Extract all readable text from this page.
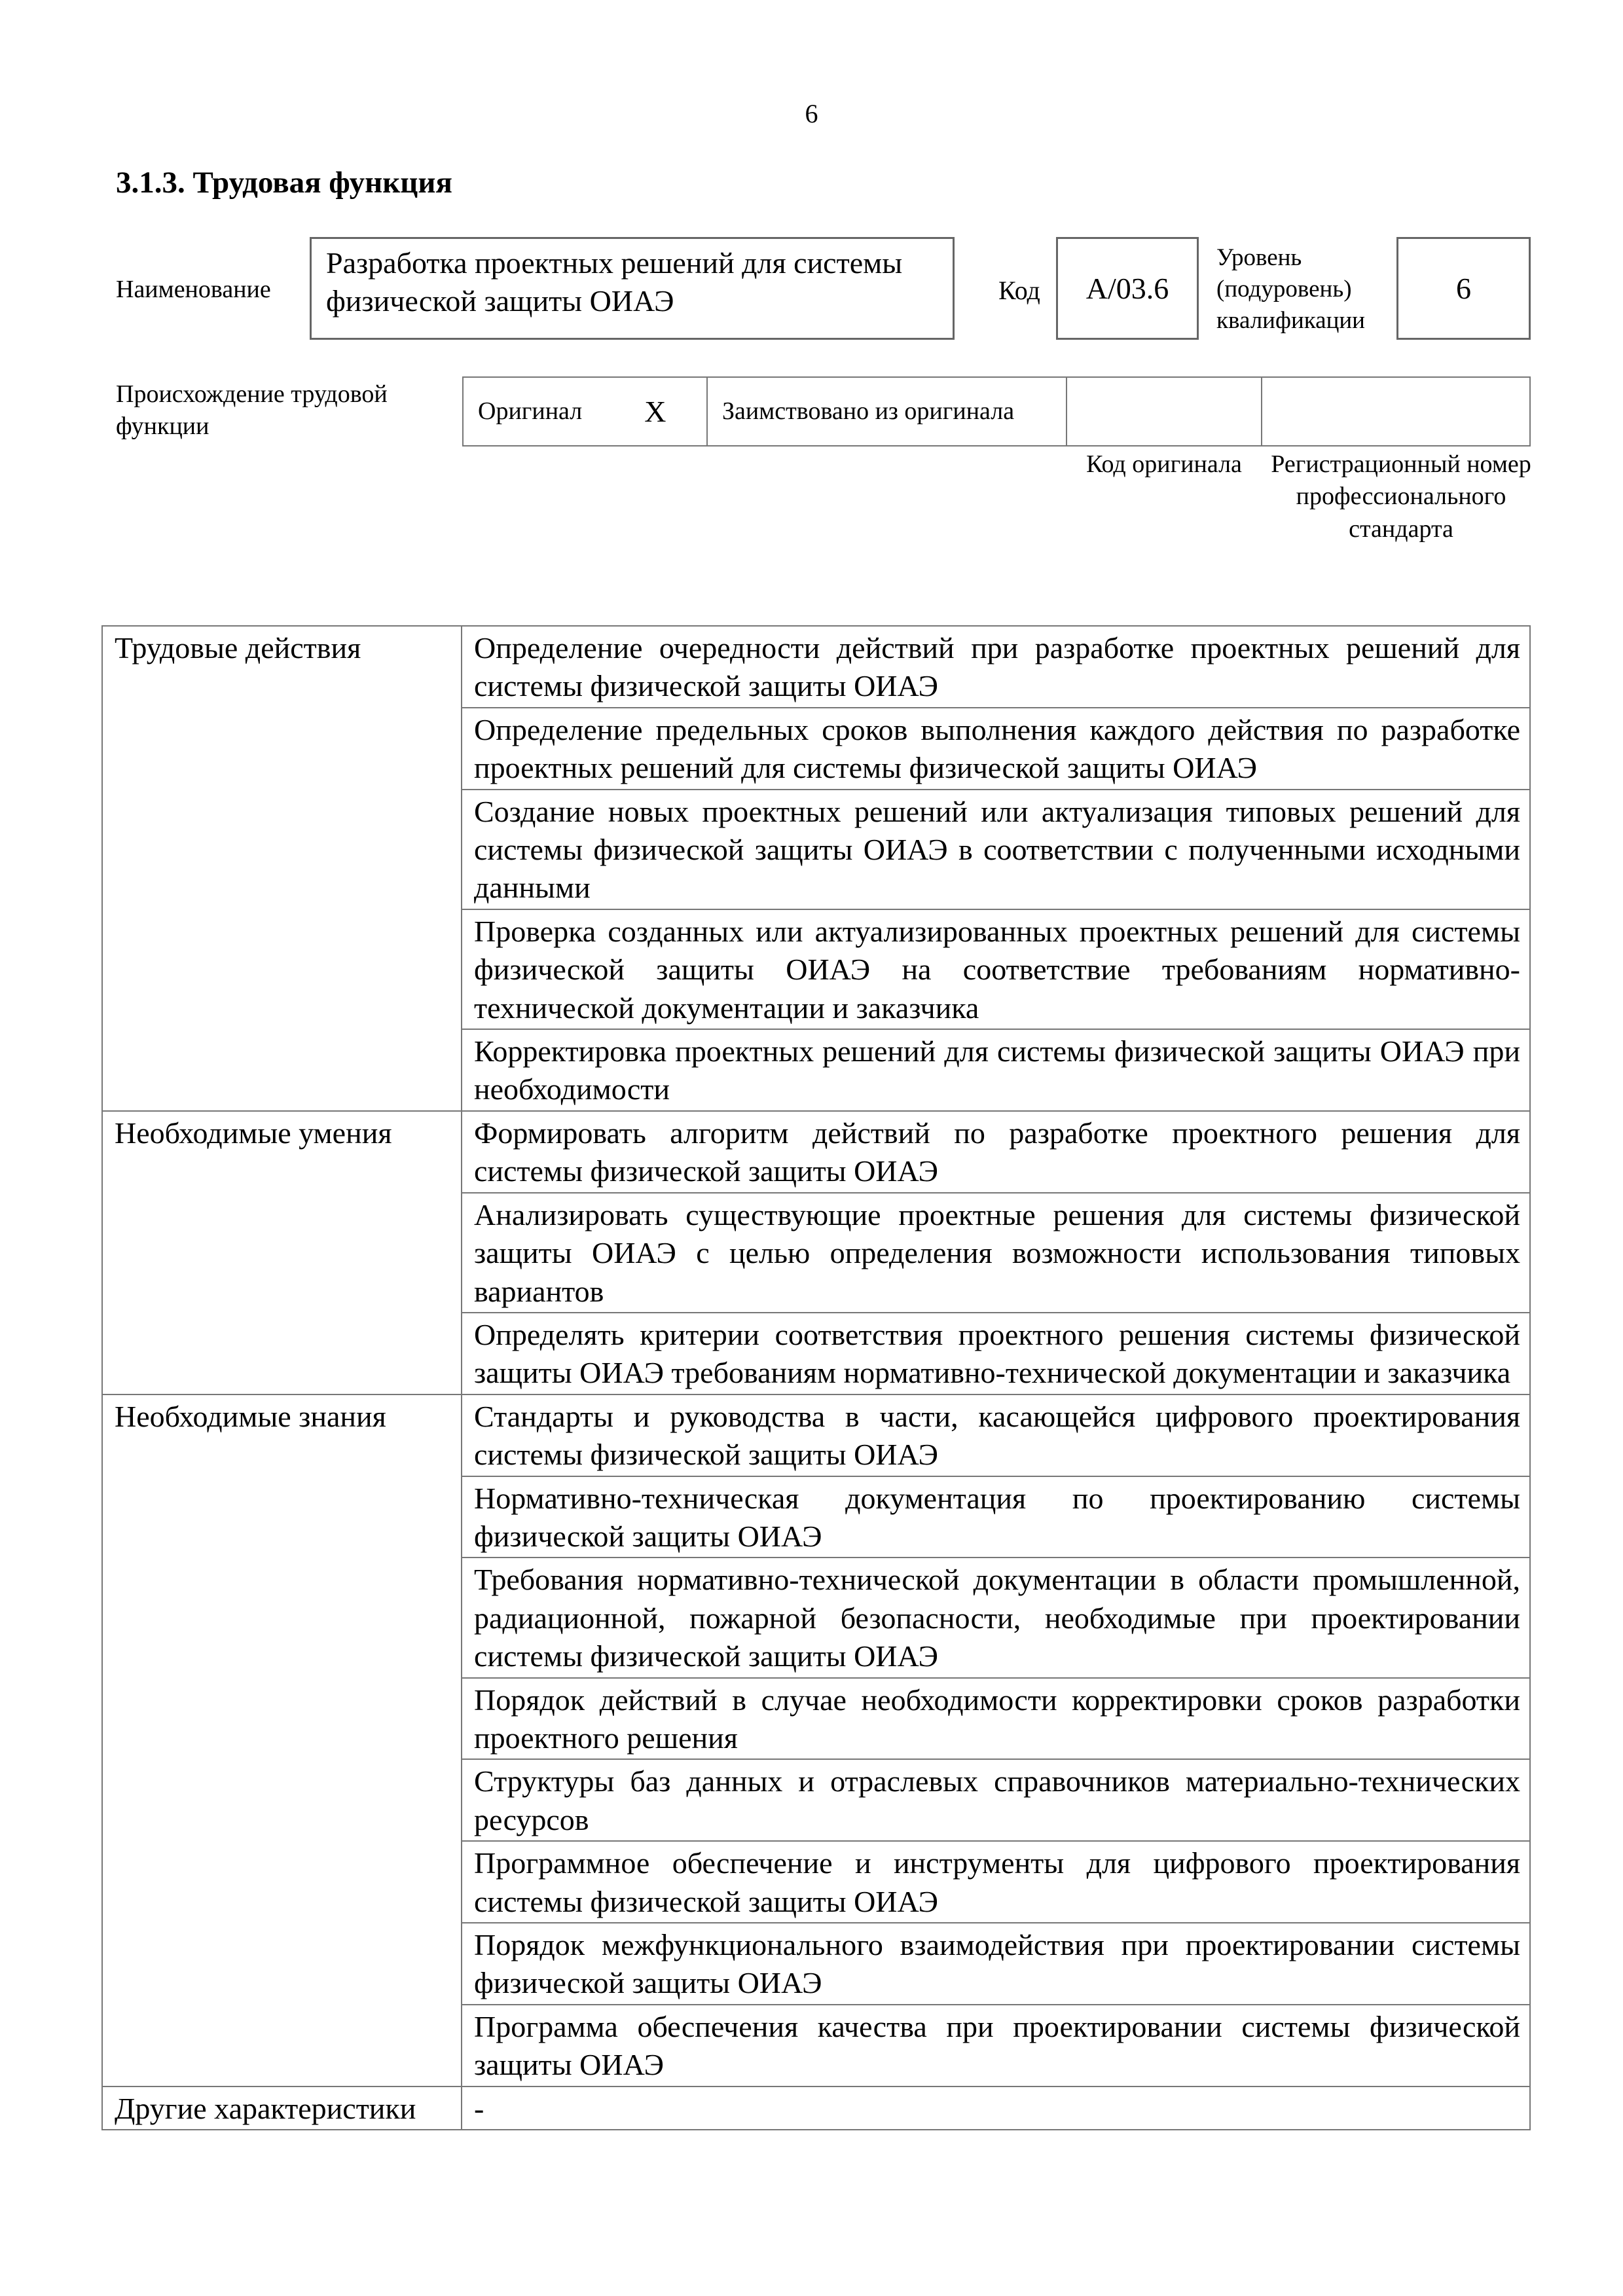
6
3.1.3. Трудовая функция
Наименование
Разработка проектных решений для системы физической защиты ОИАЭ	Код A/03.6
Уровень (подуровень) квалификации
6
Происхождение трудовой функции
Оригинал X Заимствовано из оригинала
Код оригинала	Регистрационный номер профессионального стандарта
Трудовые действия	Определение очередности действий при разработке проектных решений для системы физической защиты ОИАЭ
	Определение предельных сроков выполнения каждого действия по разработке проектных решений для системы физической защиты ОИАЭ
	Создание новых проектных решений или актуализация типовых решений для системы физической защиты ОИАЭ в соответствии с полученными исходными данными
	Проверка созданных или актуализированных проектных решений для системы физической защиты ОИАЭ на соответствие требованиям нормативно-технической документации и заказчика
	Корректировка проектных решений для системы физической защиты ОИАЭ при необходимости
Необходимые умения	Формировать алгоритм действий по разработке проектного решения для системы физической защиты ОИАЭ
	Анализировать существующие проектные решения для системы физической защиты ОИАЭ с целью определения возможности использования типовых вариантов
	Определять критерии соответствия проектного решения системы физической защиты ОИАЭ требованиям нормативно-технической документации и заказчика
Необходимые знания	Стандарты и руководства в части, касающейся цифрового проектирования системы физической защиты ОИАЭ
	Нормативно-техническая документация по проектированию системы физической защиты ОИАЭ
	Требования нормативно-технической документации в области промышленной, радиационной, пожарной безопасности, необходимые при проектировании системы физической защиты ОИАЭ
	Порядок действий в случае необходимости корректировки сроков разработки проектного решения
	Структуры баз данных и отраслевых справочников материально-технических ресурсов
	Программное обеспечение и инструменты для цифрового проектирования системы физической защиты ОИАЭ
	Порядок межфункционального взаимодействия при проектировании системы физической защиты ОИАЭ
	Программа обеспечения качества при проектировании системы физической защиты ОИАЭ
Другие характеристики	-
